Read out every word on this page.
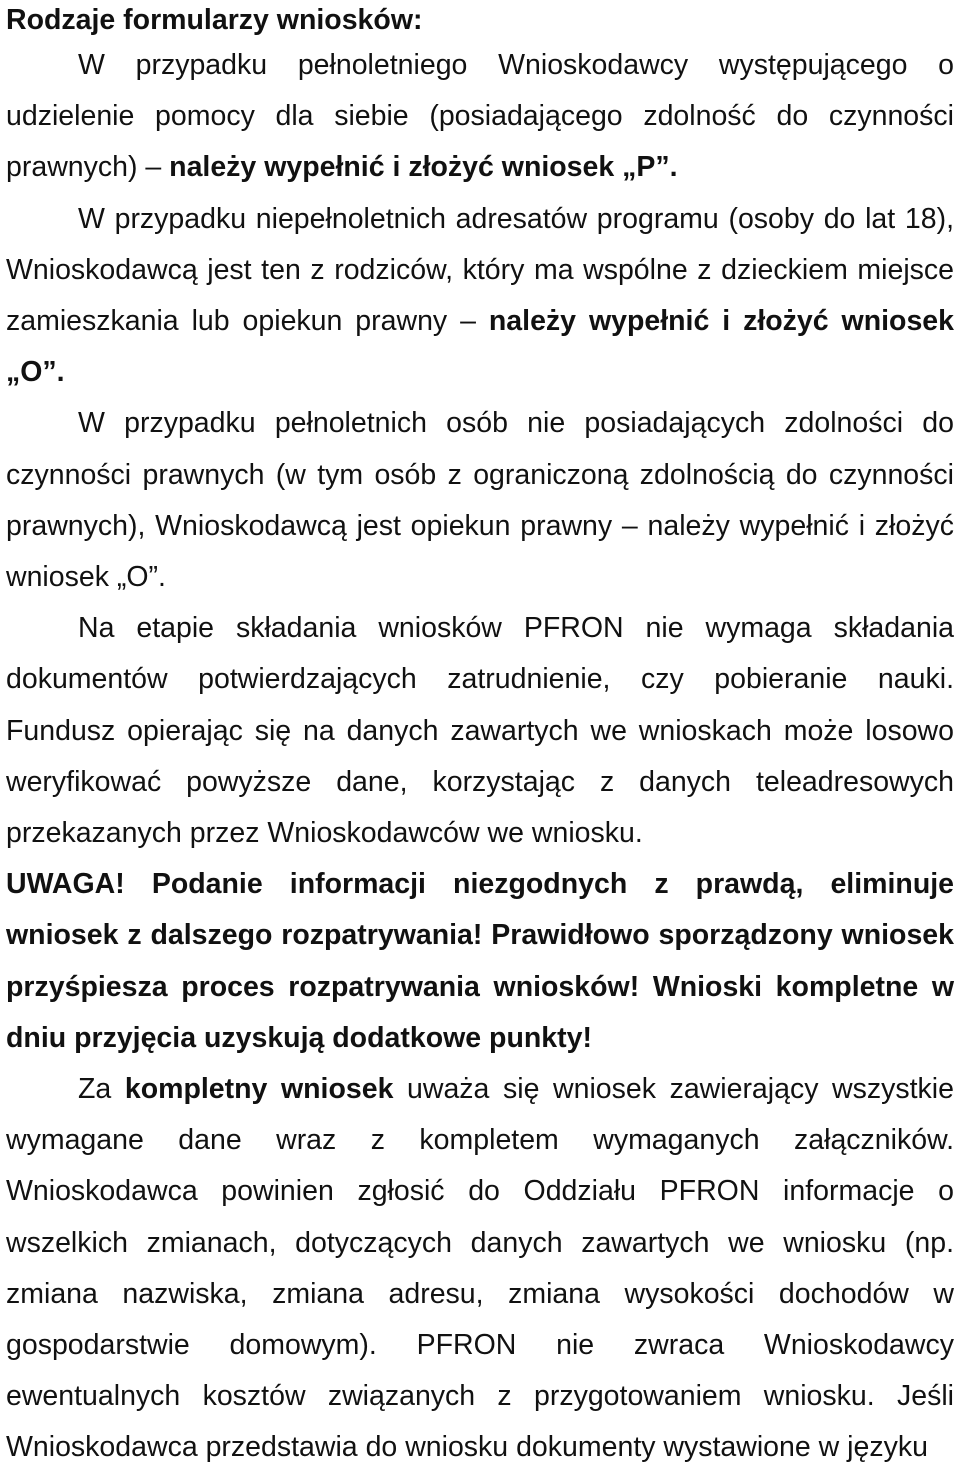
Rodzaje formularzy wniosków:

W przypadku pełnoletniego Wnioskodawcy występującego o udzielenie pomocy dla siebie (posiadającego zdolność do czynności prawnych) – należy wypełnić i złożyć wniosek „P”.

W przypadku niepełnoletnich adresatów programu (osoby do lat 18), Wnioskodawcą jest ten z rodziców, który ma wspólne z dzieckiem miejsce zamieszkania lub opiekun prawny – należy wypełnić i złożyć wniosek „O”.

W przypadku pełnoletnich osób nie posiadających zdolności do czynności prawnych (w tym osób z ograniczoną zdolnością do czynności prawnych), Wnioskodawcą jest opiekun prawny – należy wypełnić i złożyć wniosek „O”.

Na etapie składania wniosków PFRON nie wymaga składania dokumentów potwierdzających zatrudnienie, czy pobieranie nauki. Fundusz opierając się na danych zawartych we wnioskach może losowo weryfikować powyższe dane, korzystając z danych teleadresowych przekazanych przez Wnioskodawców we wniosku.

UWAGA! Podanie informacji niezgodnych z prawdą, eliminuje wniosek z dalszego rozpatrywania! Prawidłowo sporządzony wniosek przyśpiesza proces rozpatrywania wniosków! Wnioski kompletne w dniu przyjęcia uzyskują dodatkowe punkty!

Za kompletny wniosek uważa się wniosek zawierający wszystkie wymagane dane wraz z kompletem wymaganych załączników. Wnioskodawca powinien zgłosić do Oddziału PFRON informacje o wszelkich zmianach, dotyczących danych zawartych we wniosku (np. zmiana nazwiska, zmiana adresu, zmiana wysokości dochodów w gospodarstwie domowym). PFRON nie zwraca Wnioskodawcy ewentualnych kosztów związanych z przygotowaniem wniosku. Jeśli Wnioskodawca przedstawia do wniosku dokumenty wystawione w języku
